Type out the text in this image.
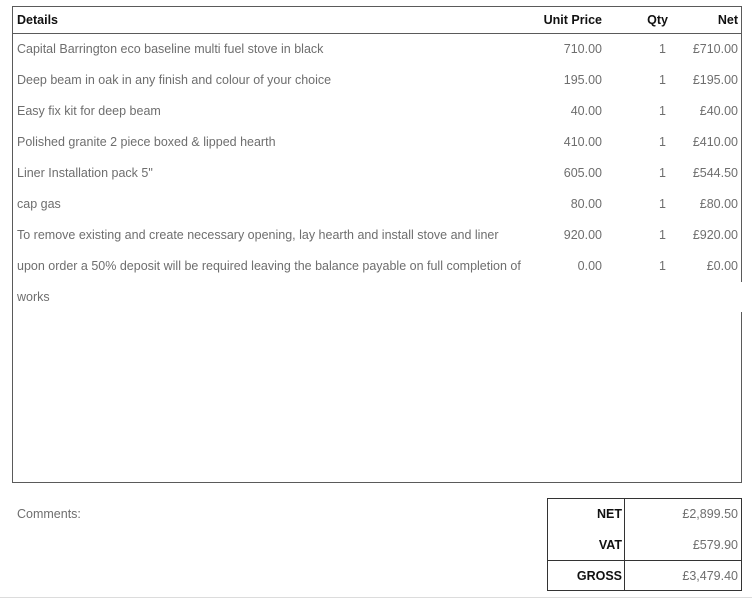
Details	Unit Price	Qty	Net
Capital Barrington eco baseline multi fuel stove in black	710.00	1 £710.00
Deep beam in oak in any finish and colour of your choice	195.00	1 £195.00
Easy fix kit for deep beam	40.00	1	£40.00
Polished granite 2 piece boxed & lipped hearth	410.00	1 £410.00
Liner Installation pack 5"	605.00	1 £544.50
cap gas	80.00	1	£80.00
To remove existing and create necessary opening, lay hearth and install stove and liner	920.00	1 £920.00
upon order a 50% deposit will be required leaving the balance payable on full completion of	0.00	1	£0.00
works
Comments:	NET	£2,899.50
VAT	£579.90
GROSS	£3,479.40
